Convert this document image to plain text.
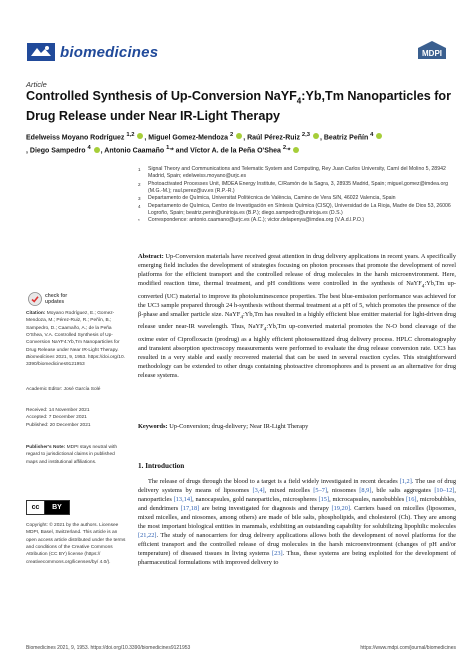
biomedicines	MDPI
Article
Controlled Synthesis of Up-Conversion NaYF$_4$:Yb,Tm Nanoparticles for Drug Release under Near IR-Light Therapy
Edelweiss Moyano Rodríguez $^{1,2}$ , Miguel Gomez-Mendoza $^2$ , Raúl Pérez-Ruiz $^{2,3}$ , Beatriz Peñín $^4$
, Diego Sampedro $^4$ , Antonio Caamaño $^{1,}$* and Víctor A. de la Peña O'Shea $^{2,}$*
1	Signal Theory and Communications and Telematic System and Computing, Rey Juan Carlos University, Camí del Molino 5, 28942 Madrid, Spain; edelweiss.moyano@urjc.es
2	Photoactivated Processes Unit, IMDEA Energy Institute, C/Ramón de la Sagra, 3, 28935 Madrid, Spain; miguel.gomez@imdea.org (M.G.-M.); raul.perez@uv.es (R.P.-R.)
3	Departamento de Química, Universitat Politècnica de València, Camino de Vera S/N, 46022 Valencia, Spain
4	Departamento de Química, Centro de Investigación en Síntesis Química (CISQ), Universidad de La Rioja, Madre de Dios 53, 26006 Logroño, Spain; beatriz.penin@unirioja.es (B.P.); diego.sampedro@unirioja.es (D.S.)
*	Correspondence: antonio.caamano@urjc.es (A.C.); victor.delapenya@imdea.org (V.A.d.l.P.O.)
check for
updates
Citation: Moyano Rodríguez, E.; Gomez-Mendoza, M.; Pérez-Ruiz, R.; Peñín, B.; Sampedro, D.; Caamaño, A.; de la Peña O'Shea, V.A. Controlled Synthesis of Up-Conversion NaYF4:Yb,Tm Nanoparticles for Drug Release under Near IR-Light Therapy. Biomedicines 2021, 9, 1953. https://doi.org/10.3390/biomedicines9121953
Academic Editor: José García Solé
Received: 14 November 2021
Accepted: 7 December 2021
Published: 20 December 2021
Publisher's Note: MDPI stays neutral with regard to jurisdictional claims in published maps and institutional affiliations.
cc	BY
Copyright: © 2021 by the authors. Licensee MDPI, Basel, Switzerland. This article is an open access article distributed under the terms and conditions of the Creative Commons Attribution (CC BY) license (https:// creativecommons.org/licenses/by/ 4.0/).
Abstract: Up-Conversion materials have received great attention in drug delivery applications in recent years. A specifically emerging field includes the development of strategies focusing on photon processes that promote the development of novel platforms for the efficient transport and the controlled release of drug molecules in the harsh microenvironment. Here, modified reaction time, thermal treatment, and pH conditions were controlled in the synthesis of NaYF$_4$:Yb,Tm up-converted (UC) material to improve its photoluminescence properties. The best blue-emission performance was achieved for the UC3 sample prepared through 24 h-synthesis without thermal treatment at a pH of 5, which promotes the presence of the β-phase and smaller particle size. NaYF$_4$:Yb,Tm has resulted in a highly efficient blue emitter material for light-driven drug release under near-IR wavelength. Thus, NaYF$_4$:Yb,Tm up-converted material promotes the N-O bond cleavage of the oxime ester of Ciprofloxacin (prodrug) as a highly efficient photosensitized drug delivery process. HPLC chromatography and transient absorption spectroscopy measurements were performed to evaluate the drug release conversion rate. UC3 has resulted in a very stable and easily recovered material that can be used in several reaction cycles. This straightforward methodology can be extended to other drugs containing photoactive chromophores and is present as an alternative for drug release systems.
Keywords: Up-Conversion; drug-delivery; Near IR-Light Therapy
1. Introduction

The release of drugs through the blood to a target is a field widely investigated in recent decades [1,2]. The use of drug delivery systems by means of liposomes [3,4], mixed micelles [5–7], niosomes [8,9], bile salts aggregates [10–12], nanoparticles [13,14], nanocapsules, gold nanoparticles, microspheres [15], microcapsules, nanobubbles [16], microbubbles, and dendrimers [17,18] are being investigated for diagnosis and therapy [19,20]. Carriers based on micelles (liposomes, mixed micelles, and niosomes, among others) are made of bile salts, phospholipids, and cholesterol (Ch). They are among the most important biological entities in mammals, exhibiting an outstanding capability for solubilizing lipophilic molecules [21,22]. The study of nanocarriers for drug delivery applications allows both the development of novel platforms for the efficient transport and the controlled release of drug molecules in the harsh microenvironment (changes of pH and/or temperature) of diseased tissues in living systems [23]. Thus, these systems are being exploited for the development of pharmaceutical formulations with improved delivery to

Biomedicines 2021, 9, 1953. https://doi.org/10.3390/biomedicines9121953	https://www.mdpi.com/journal/biomedicines
